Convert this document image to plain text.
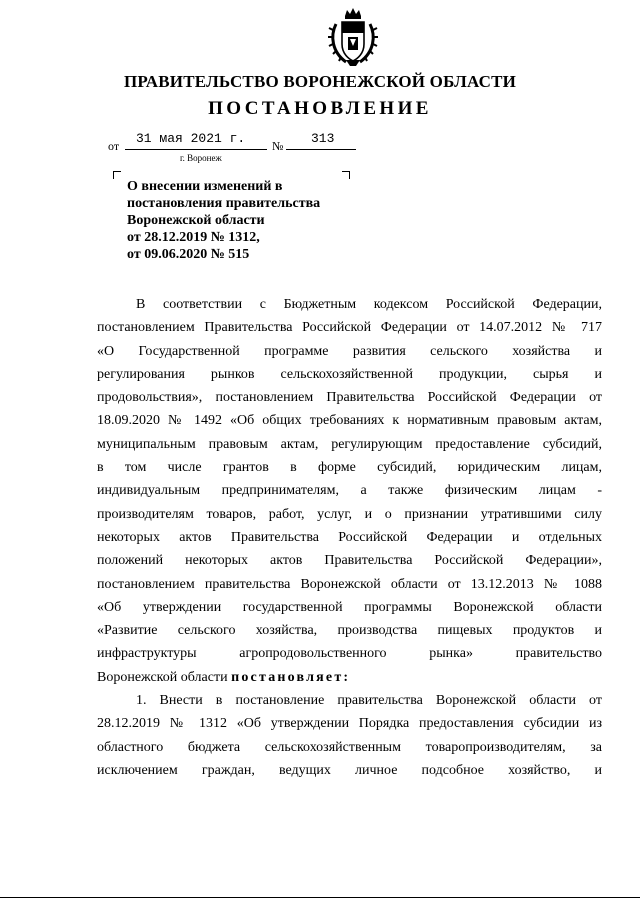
ПРАВИТЕЛЬСТВО ВОРОНЕЖСКОЙ ОБЛАСТИ
ПОСТАНОВЛЕНИЕ
от 31 мая 2021 г. № 313
г. Воронеж
О внесении изменений в
постановления правительства
Воронежской области
от 28.12.2019 № 1312,
от 09.06.2020 № 515
В соответствии с Бюджетным кодексом Российской Федерации,
постановлением Правительства Российской Федерации от 14.07.2012 № 717
«О Государственной программе развития сельского хозяйства и
регулирования рынков сельскохозяйственной продукции, сырья и
продовольствия», постановлением Правительства Российской Федерации от
18.09.2020 № 1492 «Об общих требованиях к нормативным правовым актам,
муниципальным правовым актам, регулирующим предоставление субсидий,
в том числе грантов в форме субсидий, юридическим лицам,
индивидуальным предпринимателям, а также физическим лицам -
производителям товаров, работ, услуг, и о признании утратившими силу
некоторых актов Правительства Российской Федерации и отдельных
положений некоторых актов Правительства Российской Федерации»,
постановлением правительства Воронежской области от 13.12.2013 № 1088
«Об утверждении государственной программы Воронежской области
«Развитие сельского хозяйства, производства пищевых продуктов и
инфраструктуры агропродовольственного рынка» правительство
Воронежской области постановляет:
1. Внести в постановление правительства Воронежской области от
28.12.2019 № 1312 «Об утверждении Порядка предоставления субсидии из
областного бюджета сельскохозяйственным товаропроизводителям, за
исключением граждан, ведущих личное подсобное хозяйство, и
